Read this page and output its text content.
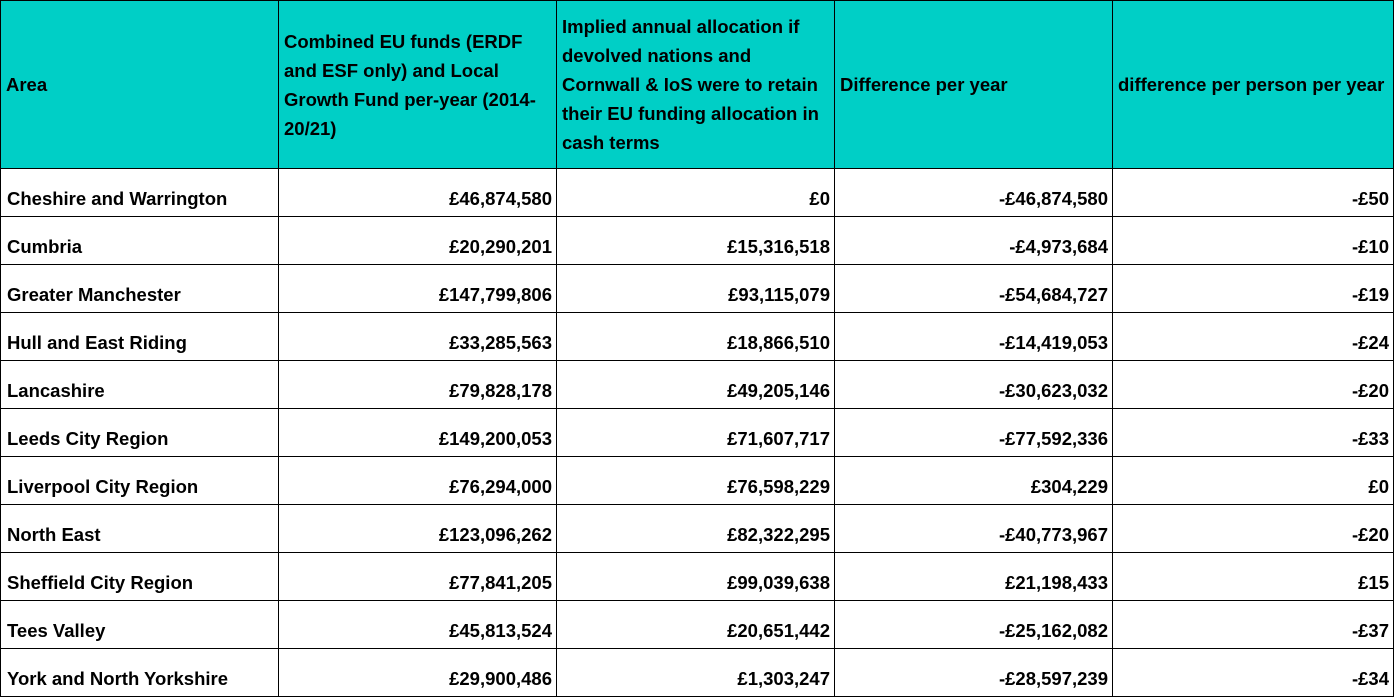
Area	Combined EU funds (ERDF and ESF only) and Local Growth Fund per-year (2014-20/21)	Implied annual allocation if devolved nations and Cornwall & IoS were to retain their EU funding allocation in cash terms	Difference per year	difference per person per year
Cheshire and Warrington	£46,874,580	£0	-£46,874,580	-£50
Cumbria	£20,290,201	£15,316,518	-£4,973,684	-£10
Greater Manchester	£147,799,806	£93,115,079	-£54,684,727	-£19
Hull and East Riding	£33,285,563	£18,866,510	-£14,419,053	-£24
Lancashire	£79,828,178	£49,205,146	-£30,623,032	-£20
Leeds City Region	£149,200,053	£71,607,717	-£77,592,336	-£33
Liverpool City Region	£76,294,000	£76,598,229	£304,229	£0
North East	£123,096,262	£82,322,295	-£40,773,967	-£20
Sheffield City Region	£77,841,205	£99,039,638	£21,198,433	£15
Tees Valley	£45,813,524	£20,651,442	-£25,162,082	-£37
York and North Yorkshire	£29,900,486	£1,303,247	-£28,597,239	-£34
